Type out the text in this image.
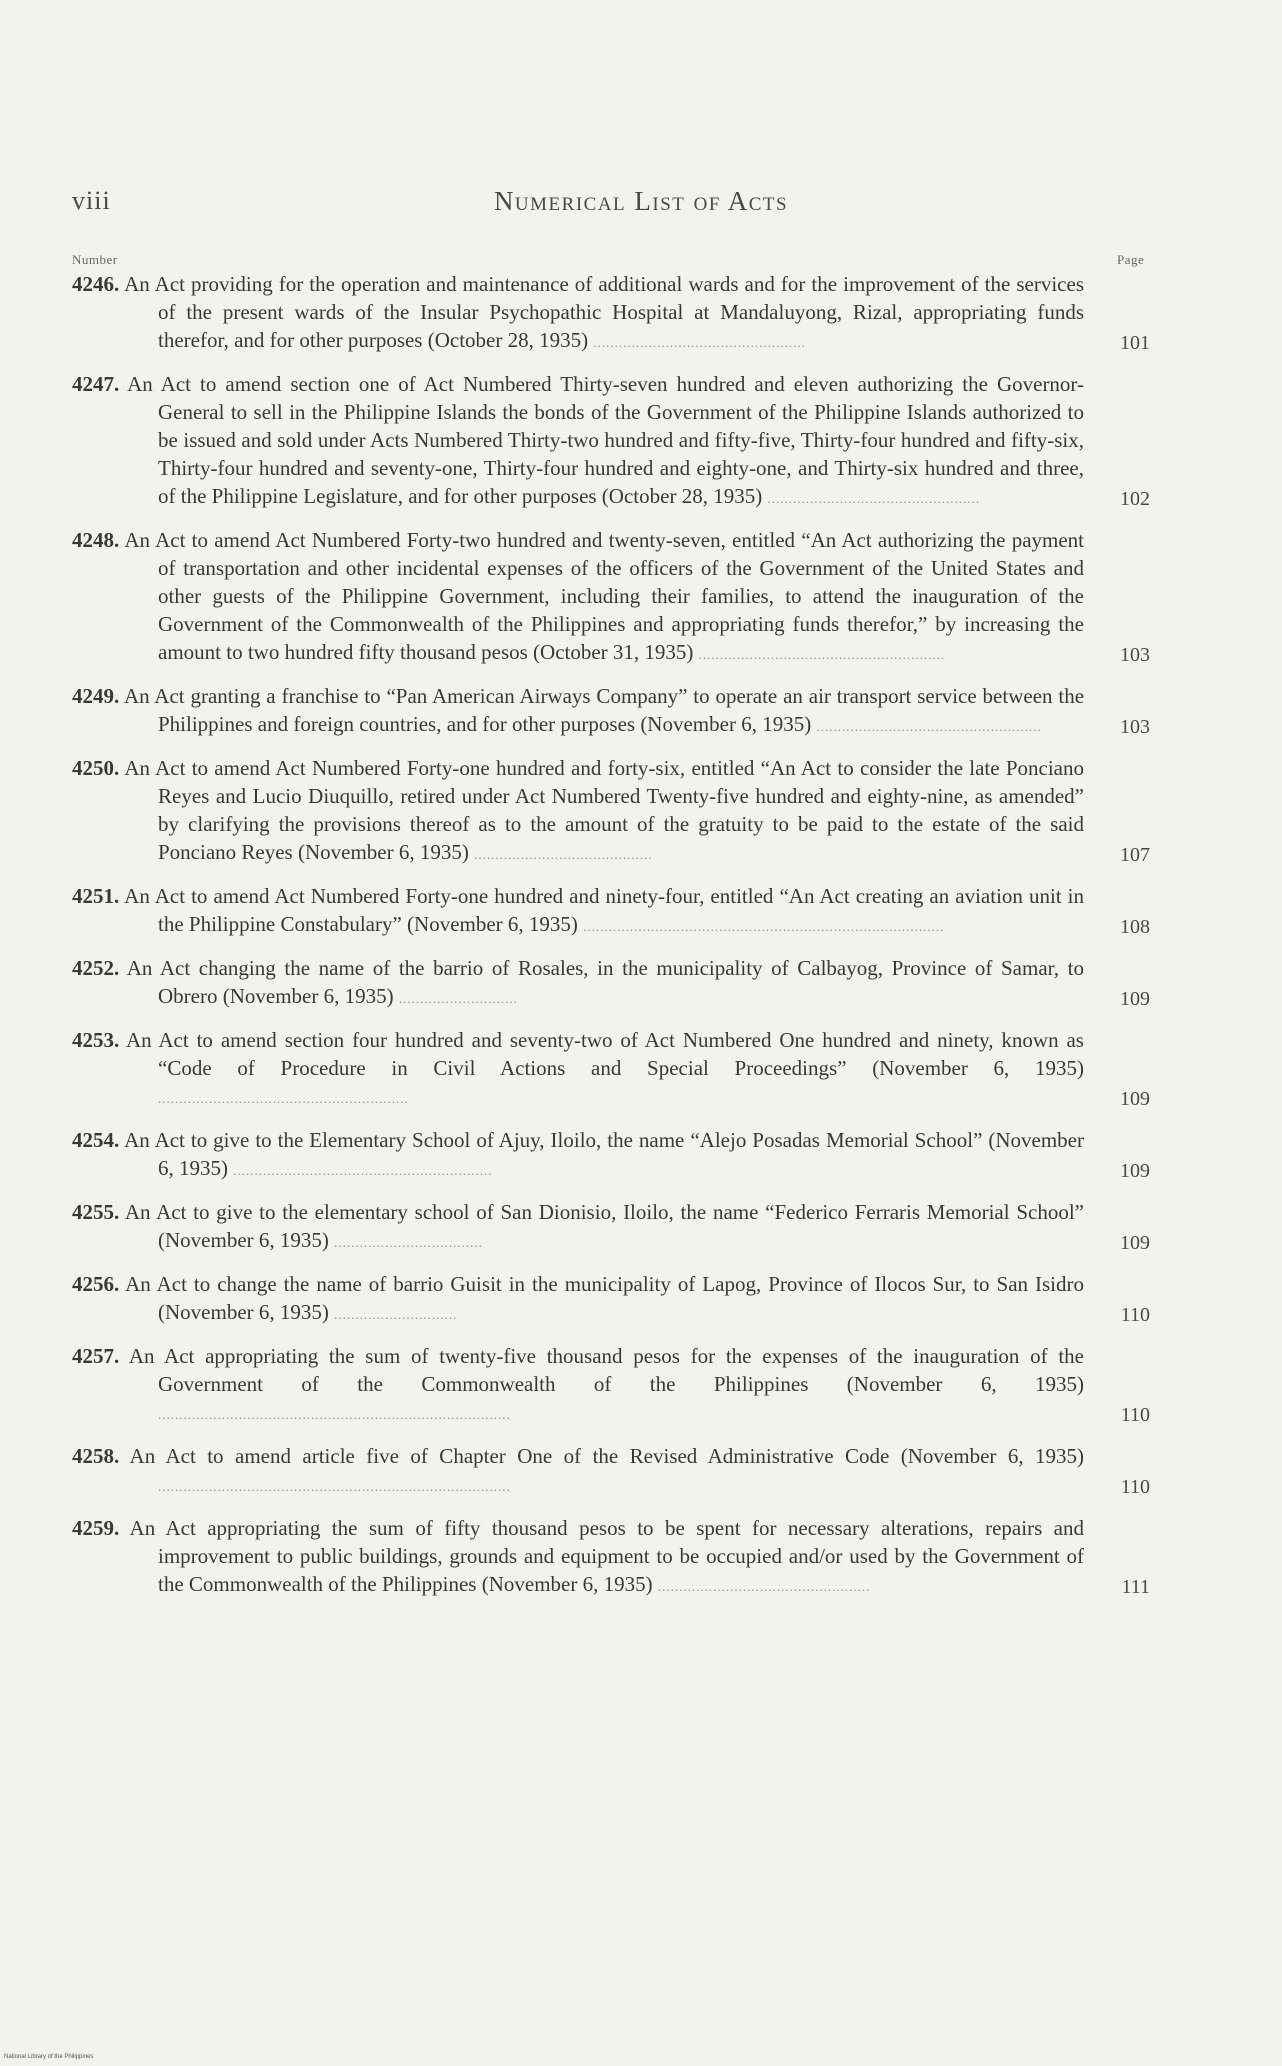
viii	Numerical List of Acts
Number	Page
4246. An Act providing for the operation and maintenance of additional wards and for the improvement of the services of the present wards of the Insular Psychopathic Hospital at Mandaluyong, Rizal, appropriating funds therefor, and for other purposes (October 28, 1935) ..................................................	101
4247. An Act to amend section one of Act Numbered Thirty-seven hundred and eleven authorizing the Governor-General to sell in the Philippine Islands the bonds of the Government of the Philippine Islands authorized to be issued and sold under Acts Numbered Thirty-two hundred and fifty-five, Thirty-four hundred and fifty-six, Thirty-four hundred and seventy-one, Thirty-four hundred and eighty-one, and Thirty-six hundred and three, of the Philippine Legislature, and for other purposes (October 28, 1935) ..................................................	102
4248. An Act to amend Act Numbered Forty-two hundred and twenty-seven, entitled “An Act authorizing the payment of transportation and other incidental expenses of the officers of the Government of the United States and other guests of the Philippine Government, including their families, to attend the inauguration of the Government of the Commonwealth of the Philippines and appropriating funds therefor,” by increasing the amount to two hundred fifty thousand pesos (October 31, 1935) ..........................................................	103
4249. An Act granting a franchise to “Pan American Airways Company” to operate an air transport service between the Philippines and foreign countries, and for other purposes (November 6, 1935) .....................................................	103
4250. An Act to amend Act Numbered Forty-one hundred and forty-six, entitled “An Act to consider the late Ponciano Reyes and Lucio Diuquillo, retired under Act Numbered Twenty-five hundred and eighty-nine, as amended” by clarifying the provisions thereof as to the amount of the gratuity to be paid to the estate of the said Ponciano Reyes (November 6, 1935) ..........................................	107
4251. An Act to amend Act Numbered Forty-one hundred and ninety-four, entitled “An Act creating an aviation unit in the Philippine Constabulary” (November 6, 1935) .....................................................................................	108
4252. An Act changing the name of the barrio of Rosales, in the municipality of Calbayog, Province of Samar, to Obrero (November 6, 1935) ............................	109
4253. An Act to amend section four hundred and seventy-two of Act Numbered One hundred and ninety, known as “Code of Procedure in Civil Actions and Special Proceedings” (November 6, 1935) ...........................................................	109
4254. An Act to give to the Elementary School of Ajuy, Iloilo, the name “Alejo Posadas Memorial School” (November 6, 1935) .............................................................	109
4255. An Act to give to the elementary school of San Dionisio, Iloilo, the name “Federico Ferraris Memorial School” (November 6, 1935) ...................................	109
4256. An Act to change the name of barrio Guisit in the municipality of Lapog, Province of Ilocos Sur, to San Isidro (November 6, 1935) .............................	110
4257. An Act appropriating the sum of twenty-five thousand pesos for the expenses of the inauguration of the Government of the Commonwealth of the Philippines (November 6, 1935) ...................................................................................	110
4258. An Act to amend article five of Chapter One of the Revised Administrative Code (November 6, 1935) ...................................................................................	110
4259. An Act appropriating the sum of fifty thousand pesos to be spent for necessary alterations, repairs and improvement to public buildings, grounds and equipment to be occupied and/or used by the Government of the Commonwealth of the Philippines (November 6, 1935) ..................................................	111
National Library of the Philippines
